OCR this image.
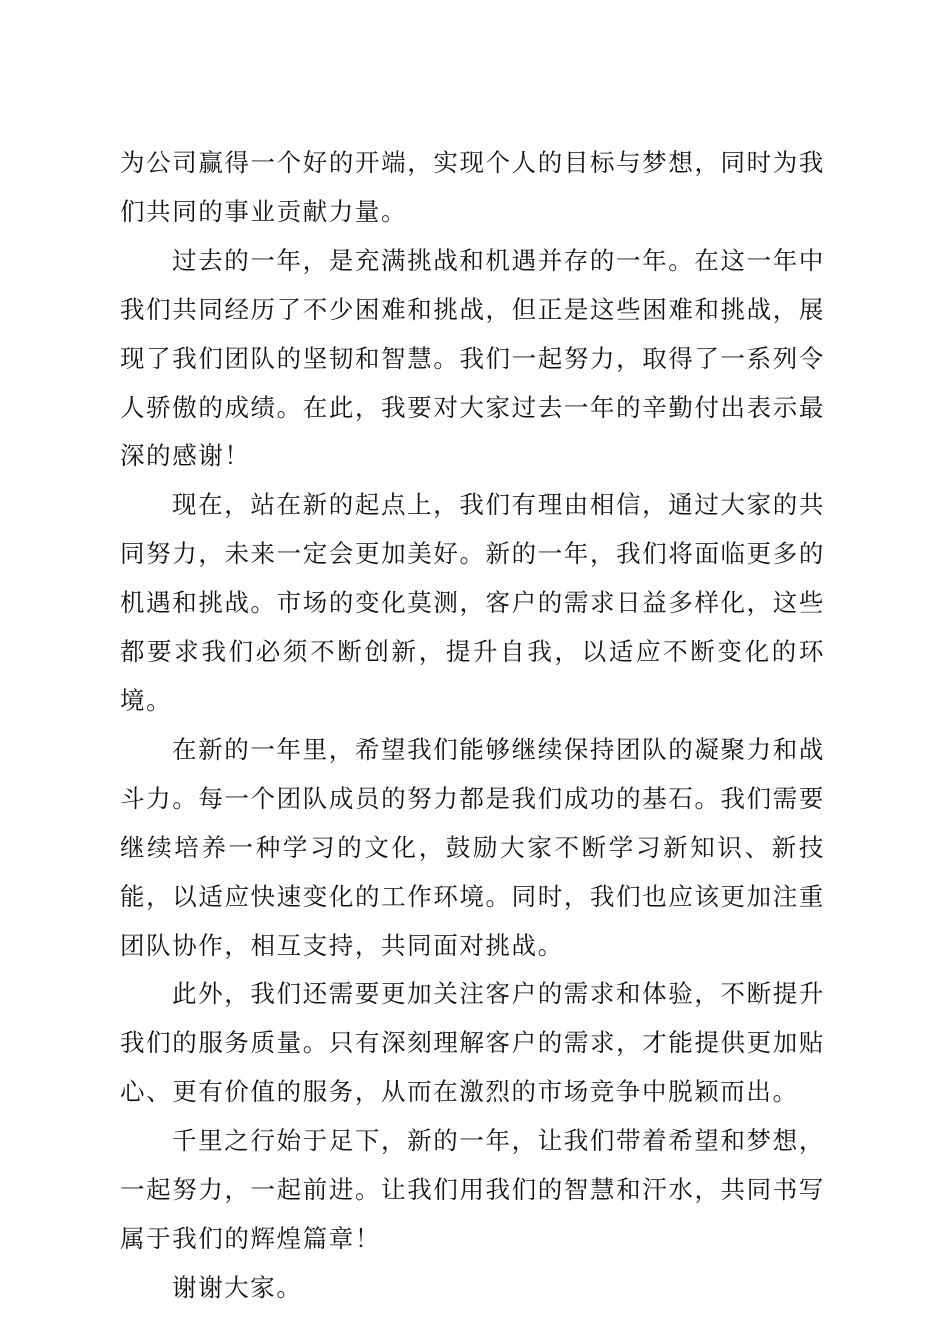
为公司赢得一个好的开端，实现个人的目标与梦想，同时为我们共同的事业贡献力量。

过去的一年，是充满挑战和机遇并存的一年。在这一年中我们共同经历了不少困难和挑战，但正是这些困难和挑战，展现了我们团队的坚韧和智慧。我们一起努力，取得了一系列令人骄傲的成绩。在此，我要对大家过去一年的辛勤付出表示最深的感谢！

现在，站在新的起点上，我们有理由相信，通过大家的共同努力，未来一定会更加美好。新的一年，我们将面临更多的机遇和挑战。市场的变化莫测，客户的需求日益多样化，这些都要求我们必须不断创新，提升自我，以适应不断变化的环境。

在新的一年里，希望我们能够继续保持团队的凝聚力和战斗力。每一个团队成员的努力都是我们成功的基石。我们需要继续培养一种学习的文化，鼓励大家不断学习新知识、新技能，以适应快速变化的工作环境。同时，我们也应该更加注重团队协作，相互支持，共同面对挑战。

此外，我们还需要更加关注客户的需求和体验，不断提升我们的服务质量。只有深刻理解客户的需求，才能提供更加贴心、更有价值的服务，从而在激烈的市场竞争中脱颖而出。

千里之行始于足下，新的一年，让我们带着希望和梦想，一起努力，一起前进。让我们用我们的智慧和汗水，共同书写属于我们的辉煌篇章！

谢谢大家。
